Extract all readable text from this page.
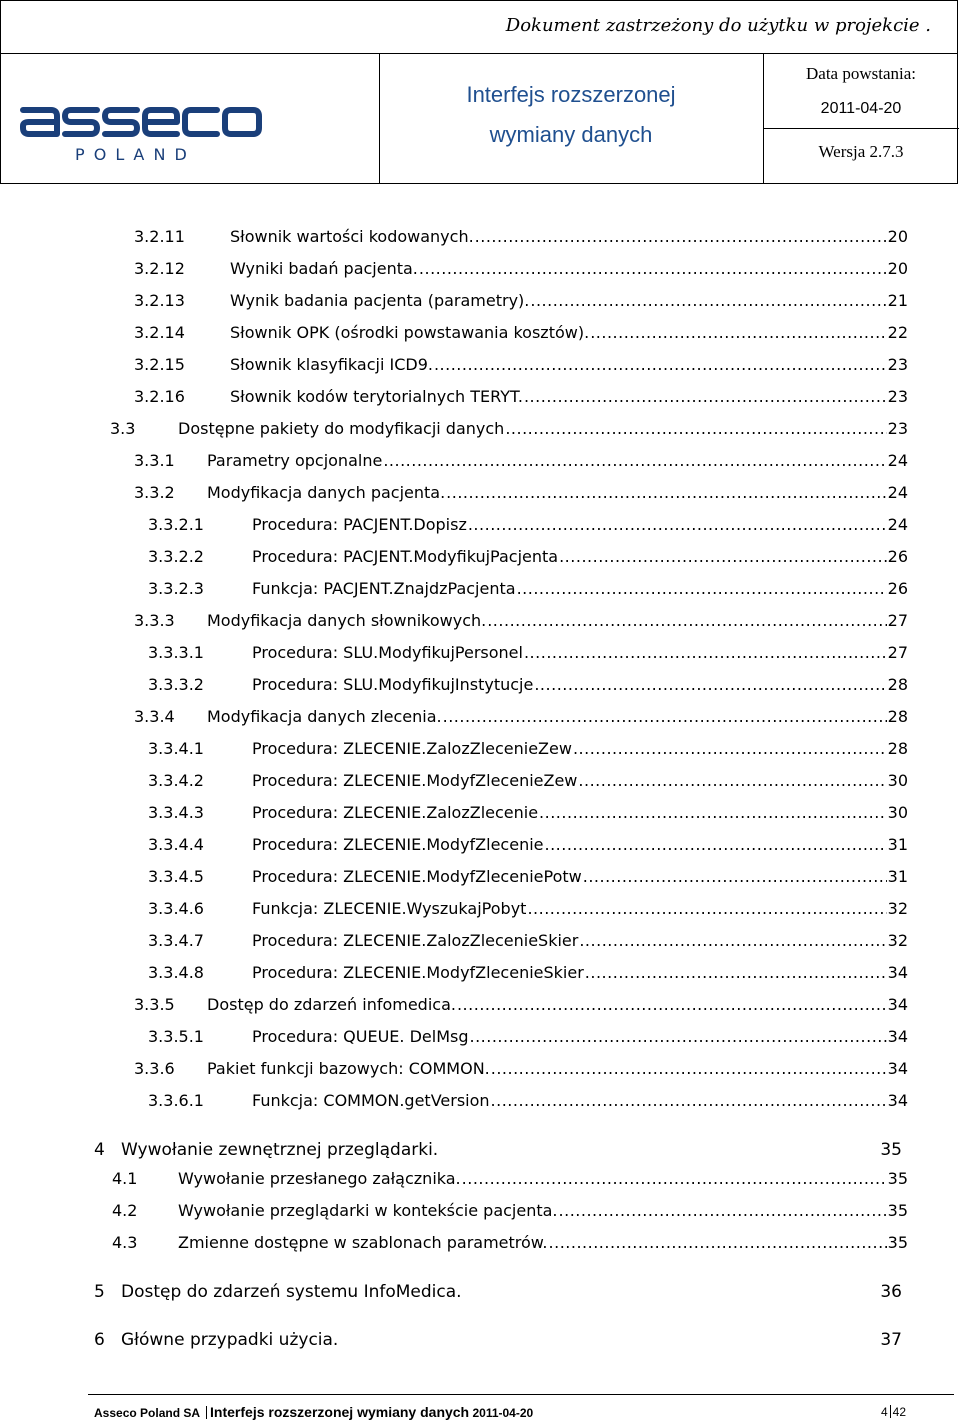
Dokument zastrzeżony do użytku w projekcie .
P O L A N D
Interfejs rozszerzonej
wymiany danych
Data powstania:
2011-04-20
Wersja 2.7.3
3.2.11	Słownik wartości kodowanych. .....	20
3.2.12	Wyniki badań pacjenta. .....	20
3.2.13	Wynik badania pacjenta (parametry). .....	21
3.2.14	Słownik OPK (ośrodki powstawania kosztów). .....	22
3.2.15	Słownik klasyfikacji ICD9. .....	23
3.2.16	Słownik kodów terytorialnych TERYT. .....	23
3.3	Dostępne pakiety do modyfikacji danych .....	23
3.3.1	Parametry opcjonalne .....	24
3.3.2	Modyfikacja danych pacjenta. .....	24
3.3.2.1	Procedura: PACJENT.Dopisz .....	24
3.3.2.2	Procedura: PACJENT.ModyfikujPacjenta .....	26
3.3.2.3	Funkcja: PACJENT.ZnajdzPacjenta .....	26
3.3.3	Modyfikacja danych słownikowych. .....	27
3.3.3.1	Procedura: SLU.ModyfikujPersonel .....	27
3.3.3.2	Procedura: SLU.ModyfikujInstytucje .....	28
3.3.4	Modyfikacja danych zlecenia. .....	28
3.3.4.1	Procedura: ZLECENIE.ZalozZlecenieZew .....	28
3.3.4.2	Procedura: ZLECENIE.ModyfZlecenieZew .....	30
3.3.4.3	Procedura: ZLECENIE.ZalozZlecenie .....	30
3.3.4.4	Procedura: ZLECENIE.ModyfZlecenie .....	31
3.3.4.5	Procedura: ZLECENIE.ModyfZleceniePotw .....	31
3.3.4.6	Funkcja: ZLECENIE.WyszukajPobyt .....	32
3.3.4.7	Procedura: ZLECENIE.ZalozZlecenieSkier .....	32
3.3.4.8	Procedura: ZLECENIE.ModyfZlecenieSkier .....	34
3.3.5	Dostęp do zdarzeń infomedica. .....	34
3.3.5.1	Procedura: QUEUE. DelMsg .....	34
3.3.6	Pakiet funkcji bazowych: COMMON. .....	34
3.3.6.1	Funkcja: COMMON.getVersion .....	34
4 Wywołanie zewnętrznej przeglądarki.	35
4.1	Wywołanie przesłanego załącznika. .....	35
4.2	Wywołanie przeglądarki w kontekście pacjenta. .....	35
4.3	Zmienne dostępne w szablonach parametrów. .....	35
5 Dostęp do zdarzeń systemu InfoMedica.	36
6 Główne przypadki użycia.	37
Asseco Poland SA Interfejs rozszerzonej wymiany danych 2011-04-20	4 42
